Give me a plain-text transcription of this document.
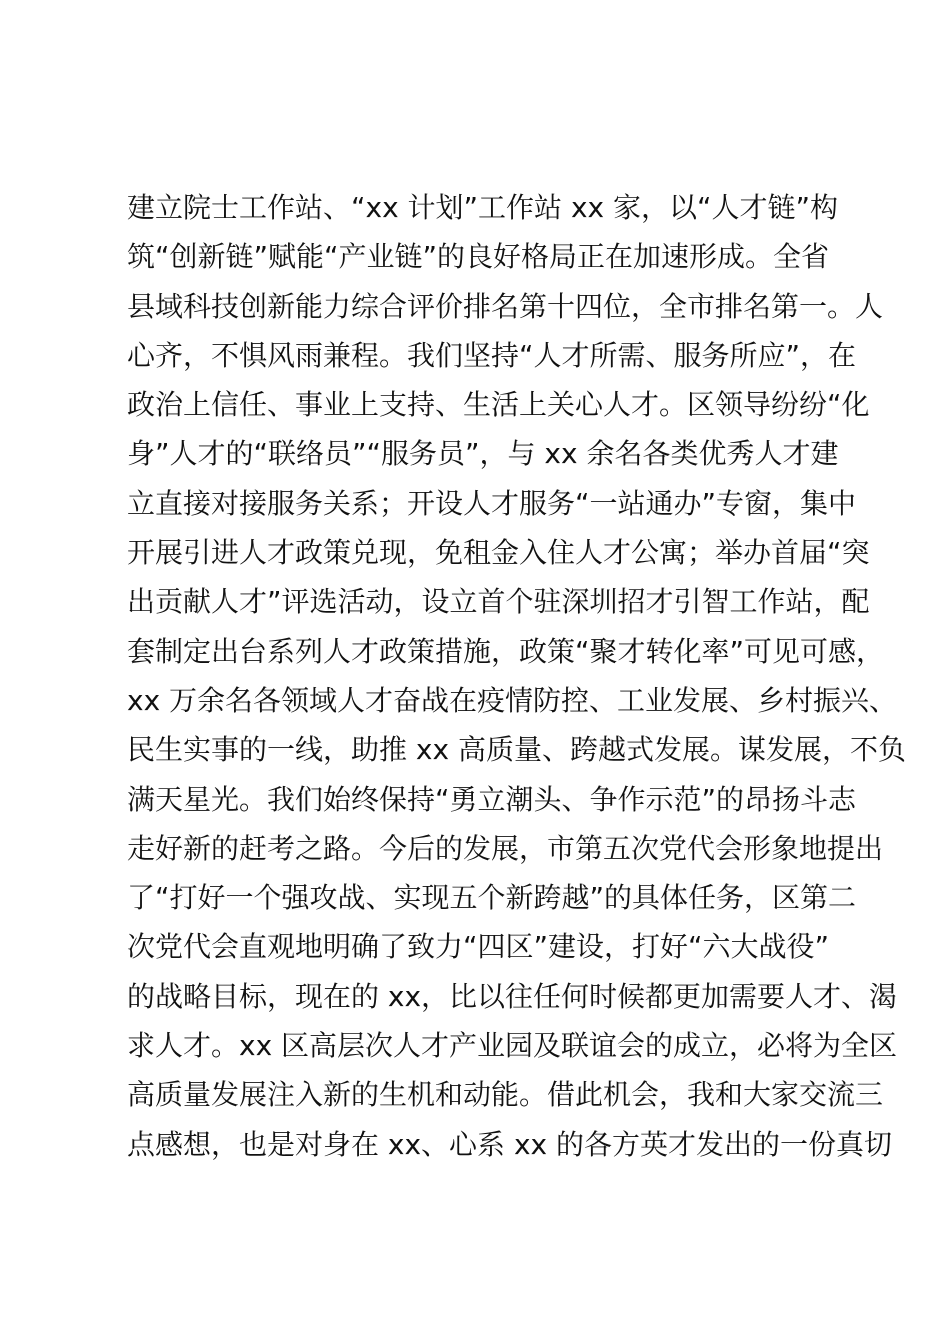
建立院士工作站、“xx 计划”工作站 xx 家，以“人才链”构
筑“创新链”赋能“产业链”的良好格局正在加速形成。全省
县域科技创新能力综合评价排名第十四位，全市排名第一。人
心齐，不惧风雨兼程。我们坚持“人才所需、服务所应”，在
政治上信任、事业上支持、生活上关心人才。区领导纷纷“化
身”人才的“联络员”“服务员”，与 xx 余名各类优秀人才建
立直接对接服务关系；开设人才服务“一站通办”专窗，集中
开展引进人才政策兑现，免租金入住人才公寓；举办首届“突
出贡献人才”评选活动，设立首个驻深圳招才引智工作站，配
套制定出台系列人才政策措施，政策“聚才转化率”可见可感，
xx 万余名各领域人才奋战在疫情防控、工业发展、乡村振兴、
民生实事的一线，助推 xx 高质量、跨越式发展。谋发展，不负
满天星光。我们始终保持“勇立潮头、争作示范”的昂扬斗志
走好新的赶考之路。今后的发展，市第五次党代会形象地提出
了“打好一个强攻战、实现五个新跨越”的具体任务，区第二
次党代会直观地明确了致力“四区”建设，打好“六大战役”
的战略目标，现在的 xx，比以往任何时候都更加需要人才、渴
求人才。xx 区高层次人才产业园及联谊会的成立，必将为全区
高质量发展注入新的生机和动能。借此机会，我和大家交流三
点感想，也是对身在 xx、心系 xx 的各方英才发出的一份真切
